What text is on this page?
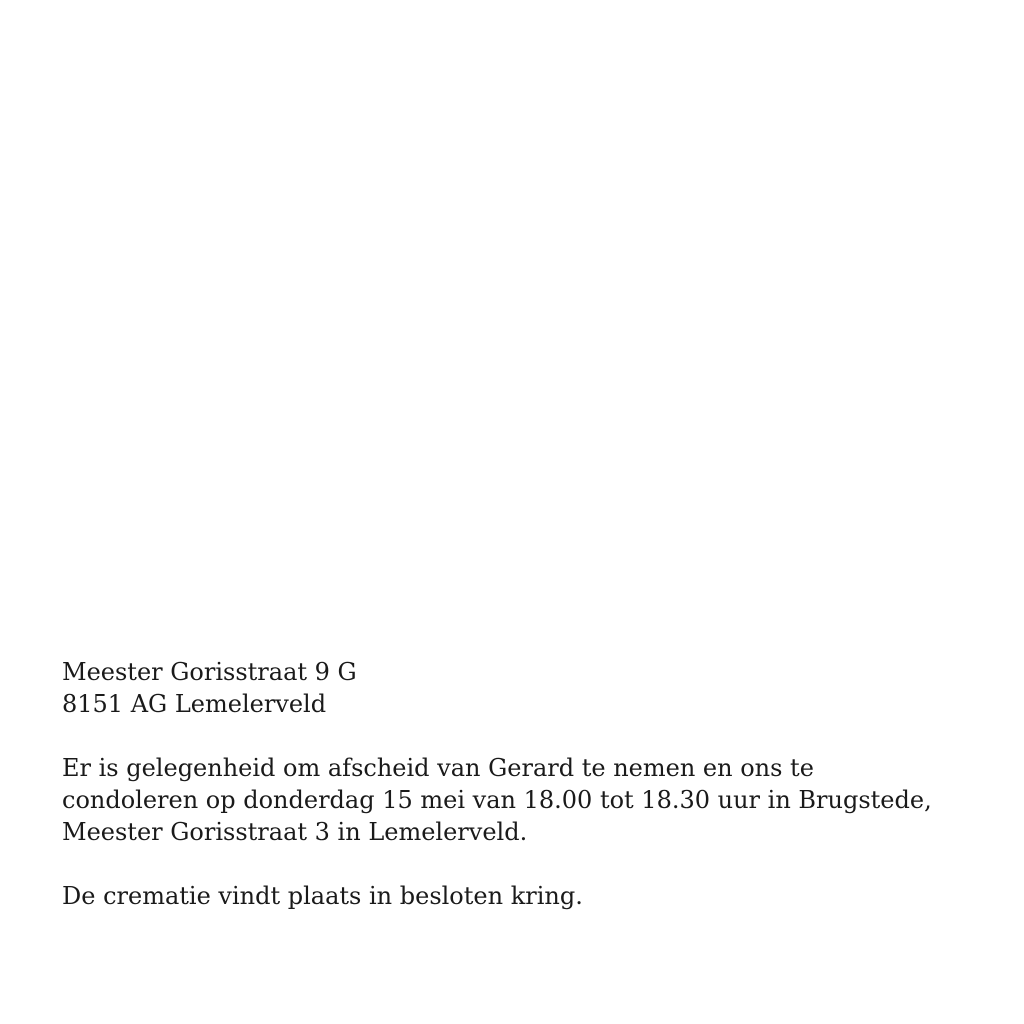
Meester Gorisstraat 9 G
8151 AG Lemelerveld
Er is gelegenheid om afscheid van Gerard te nemen en ons te
condoleren op donderdag 15 mei van 18.00 tot 18.30 uur in Brugstede,
Meester Gorisstraat 3 in Lemelerveld.
De crematie vindt plaats in besloten kring.
